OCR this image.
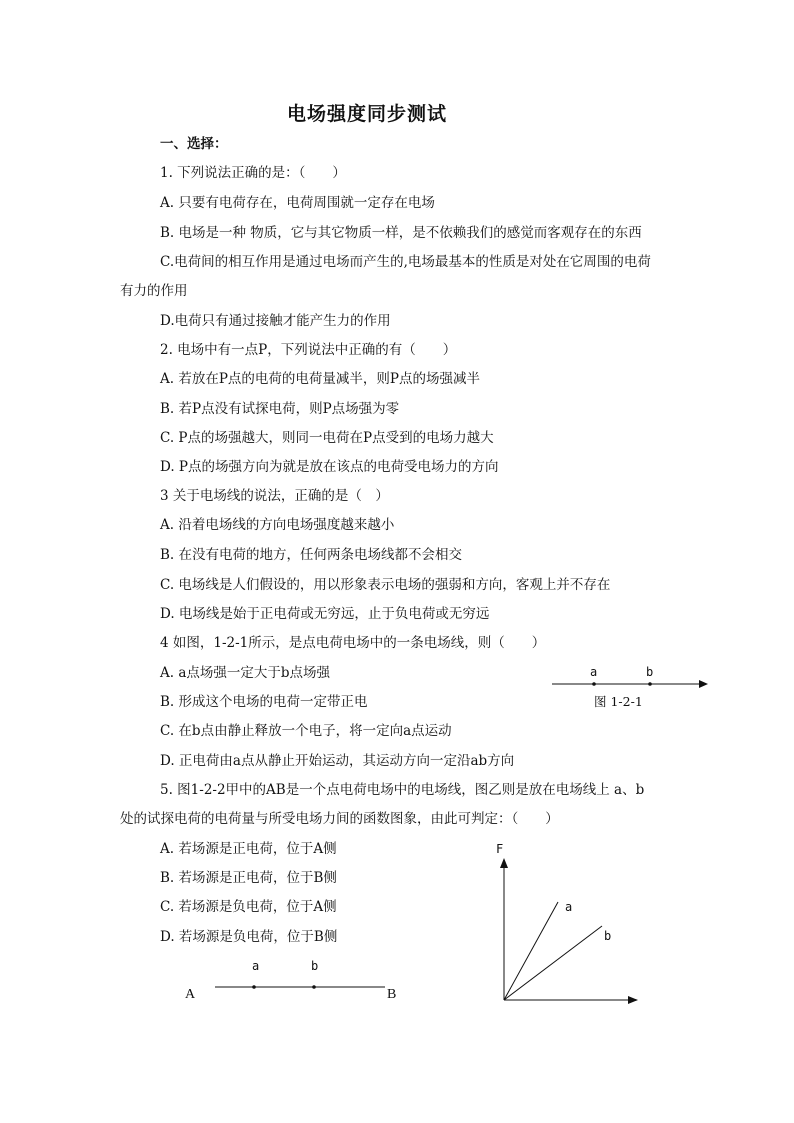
电场强度同步测试
一、选择：
1. 下列说法正确的是：（　　）
A. 只要有电荷存在，电荷周围就一定存在电场
B. 电场是一种 物质，它与其它物质一样，是不依赖我们的感觉而客观存在的东西
C.电荷间的相互作用是通过电场而产生的,电场最基本的性质是对处在它周围的电荷
有力的作用
D.电荷只有通过接触才能产生力的作用
2. 电场中有一点P，下列说法中正确的有（　　）
A. 若放在P点的电荷的电荷量减半，则P点的场强减半
B. 若P点没有试探电荷，则P点场强为零
C. P点的场强越大，则同一电荷在P点受到的电场力越大
D. P点的场强方向为就是放在该点的电荷受电场力的方向
3 关于电场线的说法，正确的是（　）
A. 沿着电场线的方向电场强度越来越小
B. 在没有电荷的地方，任何两条电场线都不会相交
C. 电场线是人们假设的，用以形象表示电场的强弱和方向，客观上并不存在
D. 电场线是始于正电荷或无穷远，止于负电荷或无穷远
4 如图，1-2-1所示，是点电荷电场中的一条电场线，则（　　）
A. a点场强一定大于b点场强
B. 形成这个电场的电荷一定带正电
C. 在b点由静止释放一个电子，将一定向a点运动
D. 正电荷由a点从静止开始运动，其运动方向一定沿ab方向
a	b
图 1-2-1
5. 图1-2-2甲中的AB是一个点电荷电场中的电场线，图乙则是放在电场线上 a、b
处的试探电荷的电荷量与所受电场力间的函数图象，由此可判定：（　　）
A. 若场源是正电荷，位于A侧
B. 若场源是正电荷，位于B侧
C. 若场源是负电荷，位于A侧
D. 若场源是负电荷，位于B侧
A	B
a	b
F
a
b
